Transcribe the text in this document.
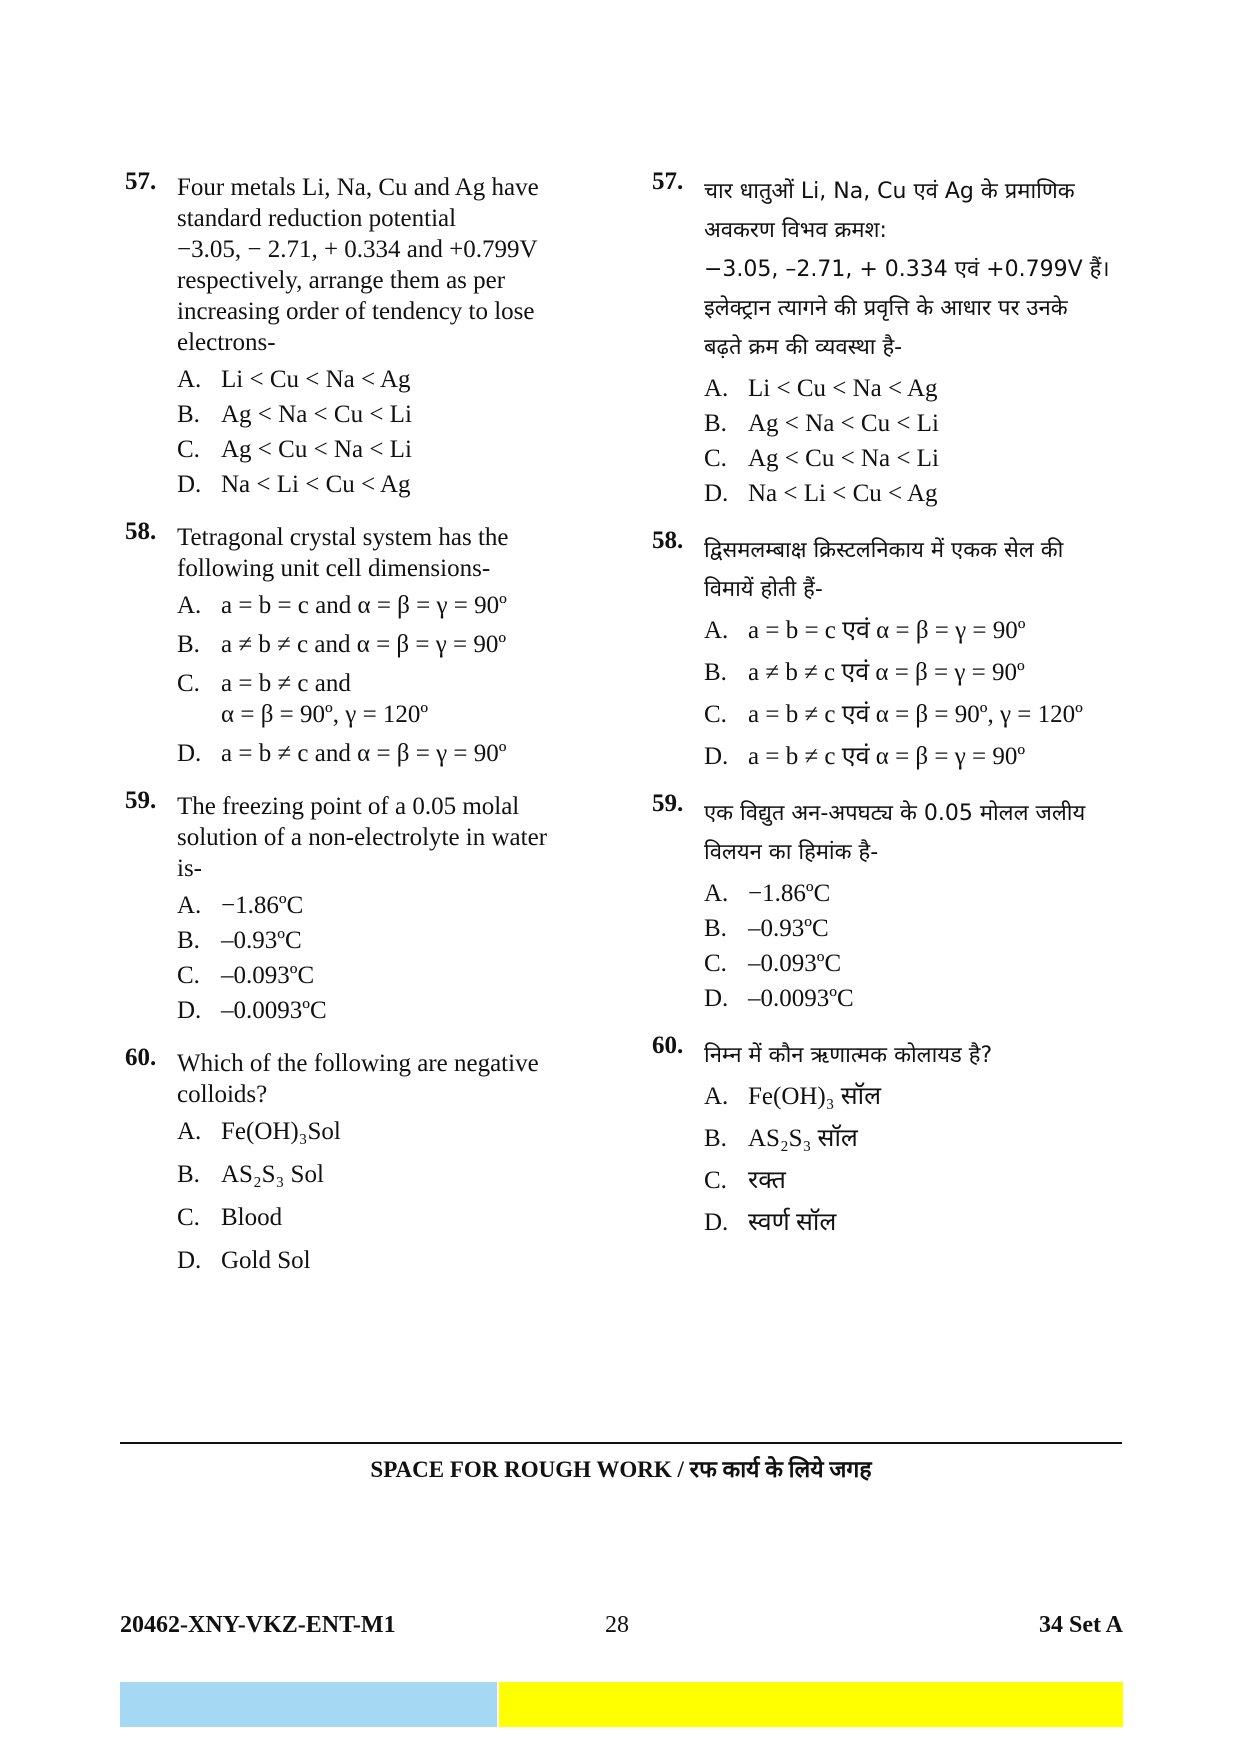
57. Four metals Li, Na, Cu and Ag have
standard reduction potential
−3.05, − 2.71, + 0.334 and +0.799V
respectively, arrange them as per
increasing order of tendency to lose
electrons-
A. Li < Cu < Na < Ag
B. Ag < Na < Cu < Li
C. Ag < Cu < Na < Li
D. Na < Li < Cu < Ag
58. Tetragonal crystal system has the
following unit cell dimensions-
A. a = b = c and α = β = γ = 90º
B. a ≠ b ≠ c and α = β = γ = 90º
C. a = b ≠ c and
α = β = 90º, γ = 120º
D. a = b ≠ c and α = β = γ = 90º
59. The freezing point of a 0.05 molal
solution of a non-electrolyte in water
is-
A. −1.86ºC
B. –0.93ºC
C. –0.093ºC
D. –0.0093ºC
60. Which of the following are negative
colloids?
A. Fe(OH)₃Sol
B. AS₂S₃ Sol
C. Blood
D. Gold Sol
57. चार धातुओं Li, Na, Cu एवं Ag के प्रमाणिक
अवकरण विभव क्रमश:
−3.05, –2.71, + 0.334 एवं +0.799V हैं।
इलेक्ट्रान त्यागने की प्रवृत्ति के आधार पर उनके
बढ़ते क्रम की व्यवस्था है-
A. Li < Cu < Na < Ag
B. Ag < Na < Cu < Li
C. Ag < Cu < Na < Li
D. Na < Li < Cu < Ag
58. द्विसमलम्बाक्ष क्रिस्टलनिकाय में एकक सेल की
विमायें होती हैं-
A. a = b = c एवं α = β = γ = 90º
B. a ≠ b ≠ c एवं α = β = γ = 90º
C. a = b ≠ c एवं α = β = 90º, γ = 120º
D. a = b ≠ c एवं α = β = γ = 90º
59. एक विद्युत अन-अपघट्य के 0.05 मोलल जलीय
विलयन का हिमांक है-
A. −1.86ºC
B. –0.93ºC
C. –0.093ºC
D. –0.0093ºC
60. निम्न में कौन ऋणात्मक कोलायड है?
A. Fe(OH)₃ सॉल
B. AS₂S₃ सॉल
C. रक्त
D. स्वर्ण सॉल
SPACE FOR ROUGH WORK / रफ कार्य के लिये जगह
20462-XNY-VKZ-ENT-M1	28	34 Set A
